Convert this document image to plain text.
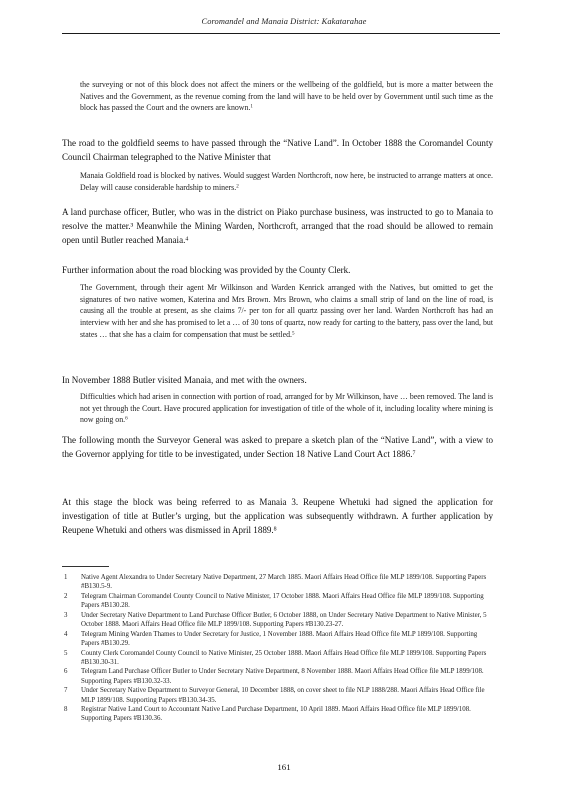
Coromandel and Manaia District: Kakatarahae
the surveying or not of this block does not affect the miners or the wellbeing of the goldfield, but is more a matter between the Natives and the Government, as the revenue coming from the land will have to be held over by Government until such time as the block has passed the Court and the owners are known.$^1$
The road to the goldfield seems to have passed through the “Native Land”. In October 1888 the Coromandel County Council Chairman telegraphed to the Native Minister that
Manaia Goldfield road is blocked by natives. Would suggest Warden Northcroft, now here, be instructed to arrange matters at once. Delay will cause considerable hardship to miners.$^2$
A land purchase officer, Butler, who was in the district on Piako purchase business, was instructed to go to Manaia to resolve the matter.³ Meanwhile the Mining Warden, Northcroft, arranged that the road should be allowed to remain open until Butler reached Manaia.$^4$
Further information about the road blocking was provided by the County Clerk.
The Government, through their agent Mr Wilkinson and Warden Kenrick arranged with the Natives, but omitted to get the signatures of two native women, Katerina and Mrs Brown. Mrs Brown, who claims a small strip of land on the line of road, is causing all the trouble at present, as she claims 7/- per ton for all quartz passing over her land. Warden Northcroft has had an interview with her and she has promised to let a … of 30 tons of quartz, now ready for carting to the battery, pass over the land, but states … that she has a claim for compensation that must be settled.$^5$
In November 1888 Butler visited Manaia, and met with the owners.
Difficulties which had arisen in connection with portion of road, arranged for by Mr Wilkinson, have … been removed. The land is not yet through the Court. Have procured application for investigation of title of the whole of it, including locality where mining is now going on.$^6$
The following month the Surveyor General was asked to prepare a sketch plan of the “Native Land”, with a view to the Governor applying for title to be investigated, under Section 18 Native Land Court Act 1886.$^7$
At this stage the block was being referred to as Manaia 3. Reupene Whetuki had signed the application for investigation of title at Butler’s urging, but the application was subsequently withdrawn. A further application by Reupene Whetuki and others was dismissed in April 1889.$^8$
1	Native Agent Alexandra to Under Secretary Native Department, 27 March 1885. Maori Affairs Head Office file MLP 1899/108. Supporting Papers #B130.5-9.
2	Telegram Chairman Coromandel County Council to Native Minister, 17 October 1888. Maori Affairs Head Office file MLP 1899/108. Supporting Papers #B130.28.
3	Under Secretary Native Department to Land Purchase Officer Butler, 6 October 1888, on Under Secretary Native Department to Native Minister, 5 October 1888. Maori Affairs Head Office file MLP 1899/108. Supporting Papers #B130.23-27.
4	Telegram Mining Warden Thames to Under Secretary for Justice, 1 November 1888. Maori Affairs Head Office file MLP 1899/108. Supporting Papers #B130.29.
5	County Clerk Coromandel County Council to Native Minister, 25 October 1888. Maori Affairs Head Office file MLP 1899/108. Supporting Papers #B130.30-31.
6	Telegram Land Purchase Officer Butler to Under Secretary Native Department, 8 November 1888. Maori Affairs Head Office file MLP 1899/108. Supporting Papers #B130.32-33.
7	Under Secretary Native Department to Surveyor General, 10 December 1888, on cover sheet to file NLP 1888/288. Maori Affairs Head Office file MLP 1899/108. Supporting Papers #B130.34-35.
8	Registrar Native Land Court to Accountant Native Land Purchase Department, 10 April 1889. Maori Affairs Head Office file MLP 1899/108. Supporting Papers #B130.36.
161
